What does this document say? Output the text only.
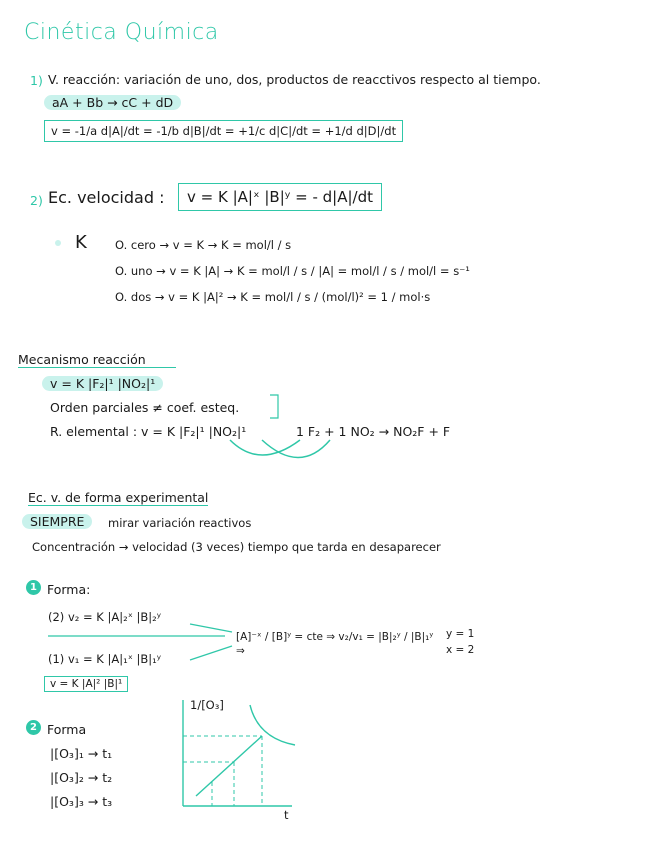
Cinética Química
1) V. reacción: variación de uno, dos, productos de reacctivos respecto al tiempo.
aA + Bb → cC + dD
v = -1/a d|A|/dt = -1/b d|B|/dt = +1/c d|C|/dt = +1/d d|D|/dt
2) Ec. velocidad :	v = K |A|ˣ |B|ʸ = - d|A|/dt
K O. cero → v = K → K = mol/l / s
O. uno → v = K |A| → K = mol/l / s / |A| = mol/l / s / mol/l = s⁻¹
O. dos → v = K |A|² → K = mol/l / s / (mol/l)² = 1 / mol·s
Mecanismo reacción
v = K |F₂|¹ |NO₂|¹
Orden parciales ≠ coef. esteq.
R. elemental : v = K |F₂|¹ |NO₂|¹	1 F₂ + 1 NO₂ → NO₂F + F
Ec. v. de forma experimental
SIEMPRE	mirar variación reactivos
Concentración → velocidad (3 veces) tiempo que tarda en desaparecer
1 Forma:
(2) v₂ = K |A|₂ˣ |B|₂ʸ
(1) v₁ = K |A|₁ˣ |B|₁ʸ
[A]⁻ˣ / [B]ʸ = cte ⇒ v₂/v₁ = |B|₂ʸ / |B|₁ʸ ⇒
y = 1
x = 2
v = K |A|² |B|¹
2 Forma
|[O₃]₁ → t₁
|[O₃]₂ → t₂
|[O₃]₃ → t₃
1/[O₃]
t
